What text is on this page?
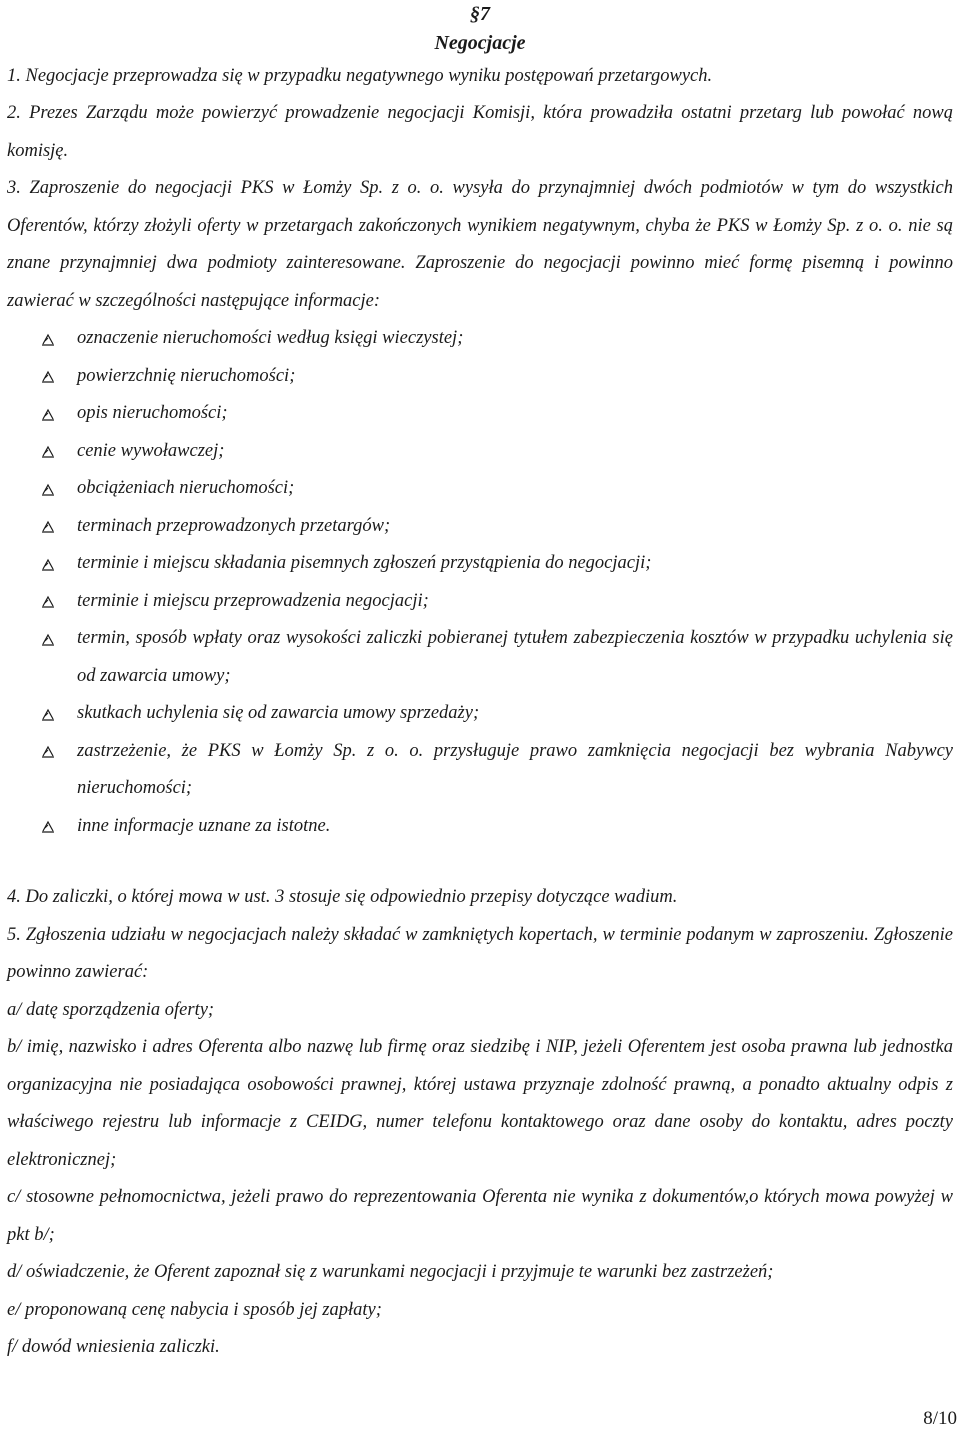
§7
Negocjacje

1. Negocjacje przeprowadza się w przypadku negatywnego wyniku postępowań przetargowych.

2. Prezes Zarządu może powierzyć prowadzenie negocjacji Komisji, która prowadziła ostatni przetarg lub powołać nową komisję.

3. Zaproszenie do negocjacji PKS w Łomży Sp. z o. o. wysyła do przynajmniej dwóch podmiotów w tym do wszystkich Oferentów, którzy złożyli oferty w przetargach zakończonych wynikiem negatywnym, chyba że PKS w Łomży Sp. z o. o. nie są znane przynajmniej dwa podmioty zainteresowane. Zaproszenie do negocjacji powinno mieć formę pisemną i powinno zawierać w szczególności następujące informacje:

oznaczenie nieruchomości według księgi wieczystej;
powierzchnię nieruchomości;
opis nieruchomości;
cenie wywoławczej;
obciążeniach nieruchomości;
terminach przeprowadzonych przetargów;
terminie i miejscu składania pisemnych zgłoszeń przystąpienia do negocjacji;
terminie i miejscu przeprowadzenia negocjacji;
termin, sposób wpłaty oraz wysokości zaliczki pobieranej tytułem zabezpieczenia kosztów w przypadku uchylenia się od zawarcia umowy;
skutkach uchylenia się od zawarcia umowy sprzedaży;
zastrzeżenie, że PKS w Łomży Sp. z o. o. przysługuje prawo zamknięcia negocjacji bez wybrania Nabywcy nieruchomości;
inne informacje uznane za istotne.

4. Do zaliczki, o której mowa w ust. 3 stosuje się odpowiednio przepisy dotyczące wadium.

5. Zgłoszenia udziału w negocjacjach należy składać w zamkniętych kopertach, w terminie podanym w zaproszeniu. Zgłoszenie powinno zawierać:

a/ datę sporządzenia oferty;

b/ imię, nazwisko i adres Oferenta albo nazwę lub firmę oraz siedzibę i NIP, jeżeli Oferentem jest osoba prawna lub jednostka organizacyjna nie posiadająca osobowości prawnej, której ustawa przyznaje zdolność prawną, a ponadto aktualny odpis z właściwego rejestru lub informacje z CEIDG, numer telefonu kontaktowego oraz dane osoby do kontaktu, adres poczty elektronicznej;

c/ stosowne pełnomocnictwa, jeżeli prawo do reprezentowania Oferenta nie wynika z dokumentów,o których mowa powyżej w pkt b/;

d/ oświadczenie, że Oferent zapoznał się z warunkami negocjacji i przyjmuje te warunki bez zastrzeżeń;

e/ proponowaną cenę nabycia i sposób jej zapłaty;

f/ dowód wniesienia zaliczki.

8/10
